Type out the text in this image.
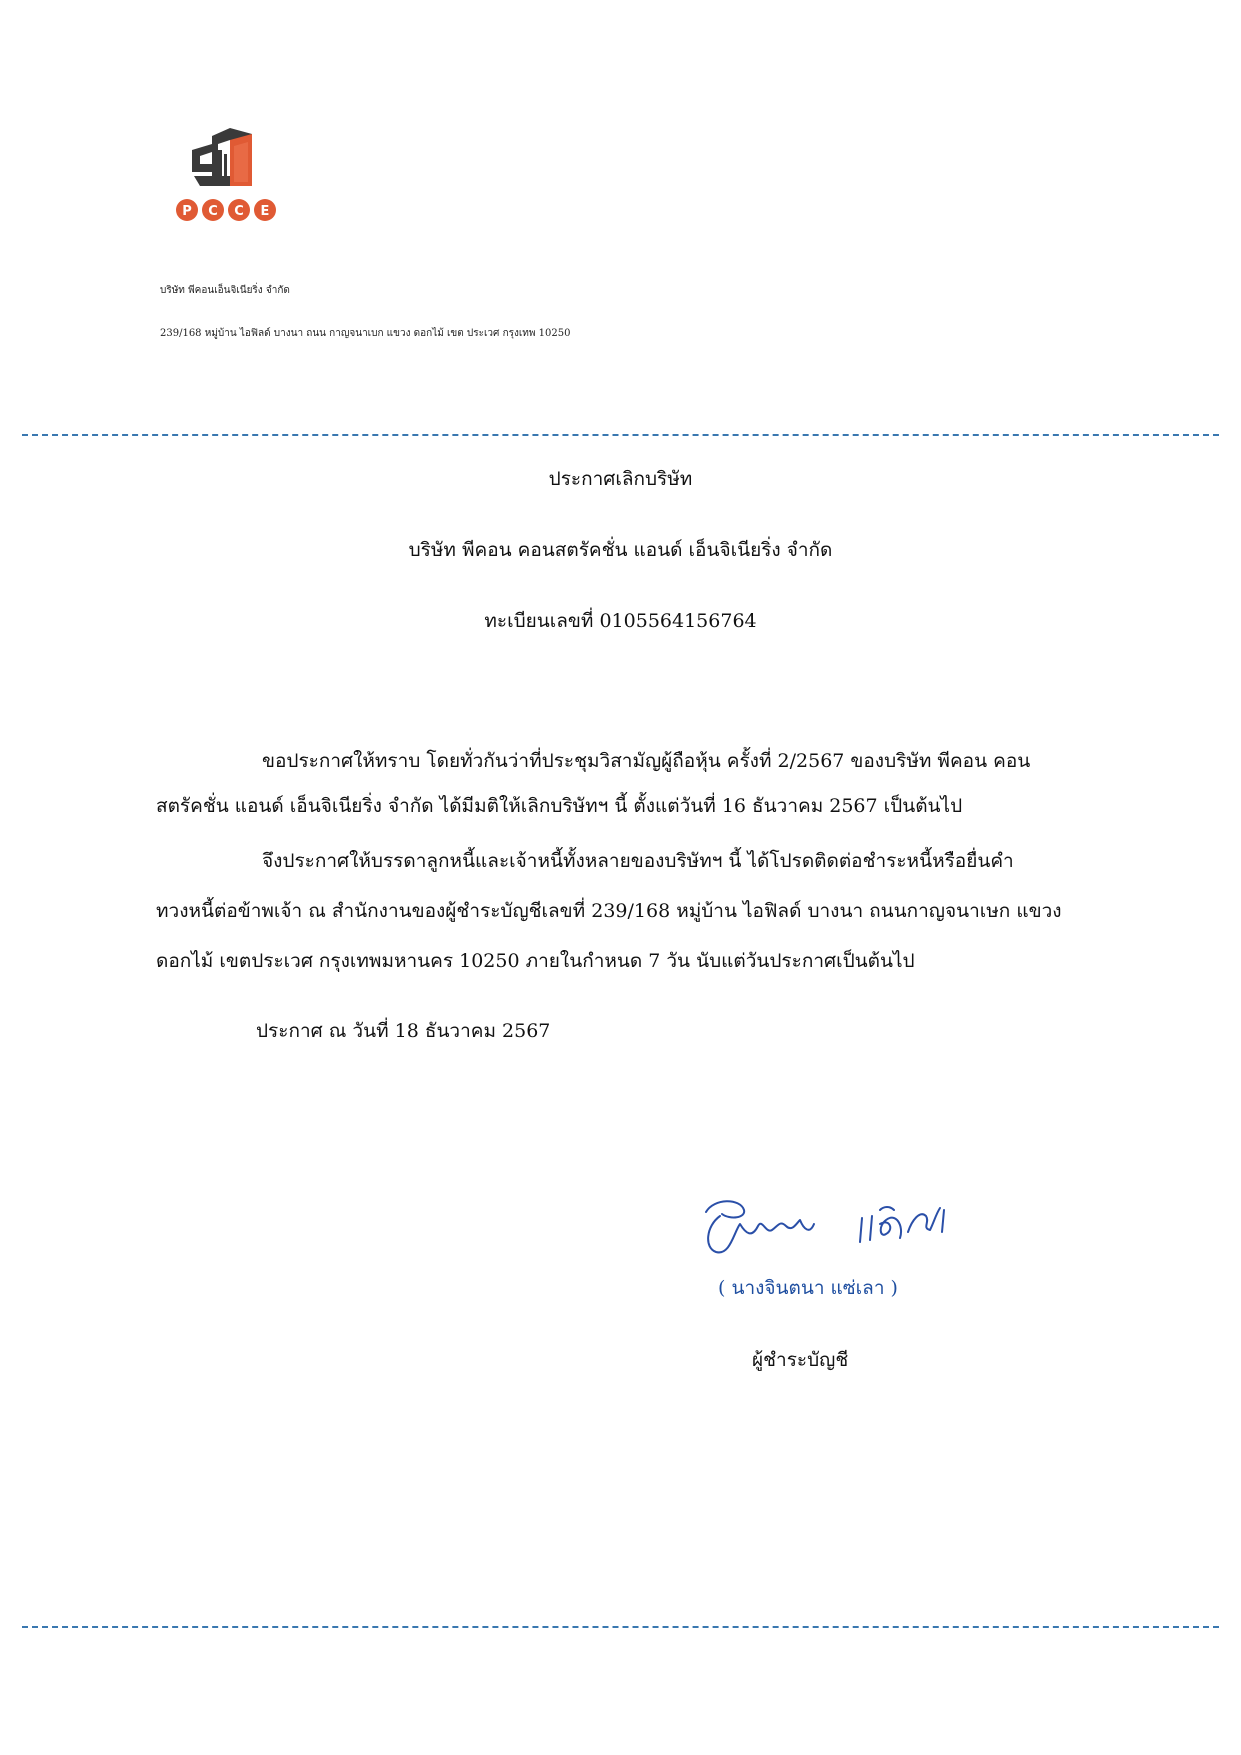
P C C E
บริษัท พีคอนเอ็นจิเนียริ่ง จำกัด
239/168 หมู่บ้าน ไอฟิลด์ บางนา ถนน กาญจนาเบก แขวง ดอกไม้ เขต ประเวศ กรุงเทพ 10250
ประกาศเลิกบริษัท
บริษัท พีคอน คอนสตรัคชั่น แอนด์ เอ็นจิเนียริ่ง จำกัด
ทะเบียนเลขที่ 0105564156764
ขอประกาศให้ทราบ โดยทั่วกันว่าที่ประชุมวิสามัญผู้ถือหุ้น ครั้งที่ 2/2567 ของบริษัท พีคอน คอน
สตรัคชั่น แอนด์ เอ็นจิเนียริ่ง จำกัด ได้มีมติให้เลิกบริษัทฯ นี้ ตั้งแต่วันที่ 16 ธันวาคม 2567 เป็นต้นไป
จึงประกาศให้บรรดาลูกหนี้และเจ้าหนี้ทั้งหลายของบริษัทฯ นี้ ได้โปรดติดต่อชำระหนี้หรือยื่นคำ
ทวงหนี้ต่อข้าพเจ้า ณ สำนักงานของผู้ชำระบัญชีเลขที่ 239/168 หมู่บ้าน ไอฟิลด์ บางนา ถนนกาญจนาเษก แขวง
ดอกไม้ เขตประเวศ กรุงเทพมหานคร 10250 ภายในกำหนด 7 วัน นับแต่วันประกาศเป็นต้นไป
ประกาศ ณ วันที่ 18 ธันวาคม 2567
( นางจินตนา แซ่เลา )
ผู้ชำระบัญชี
